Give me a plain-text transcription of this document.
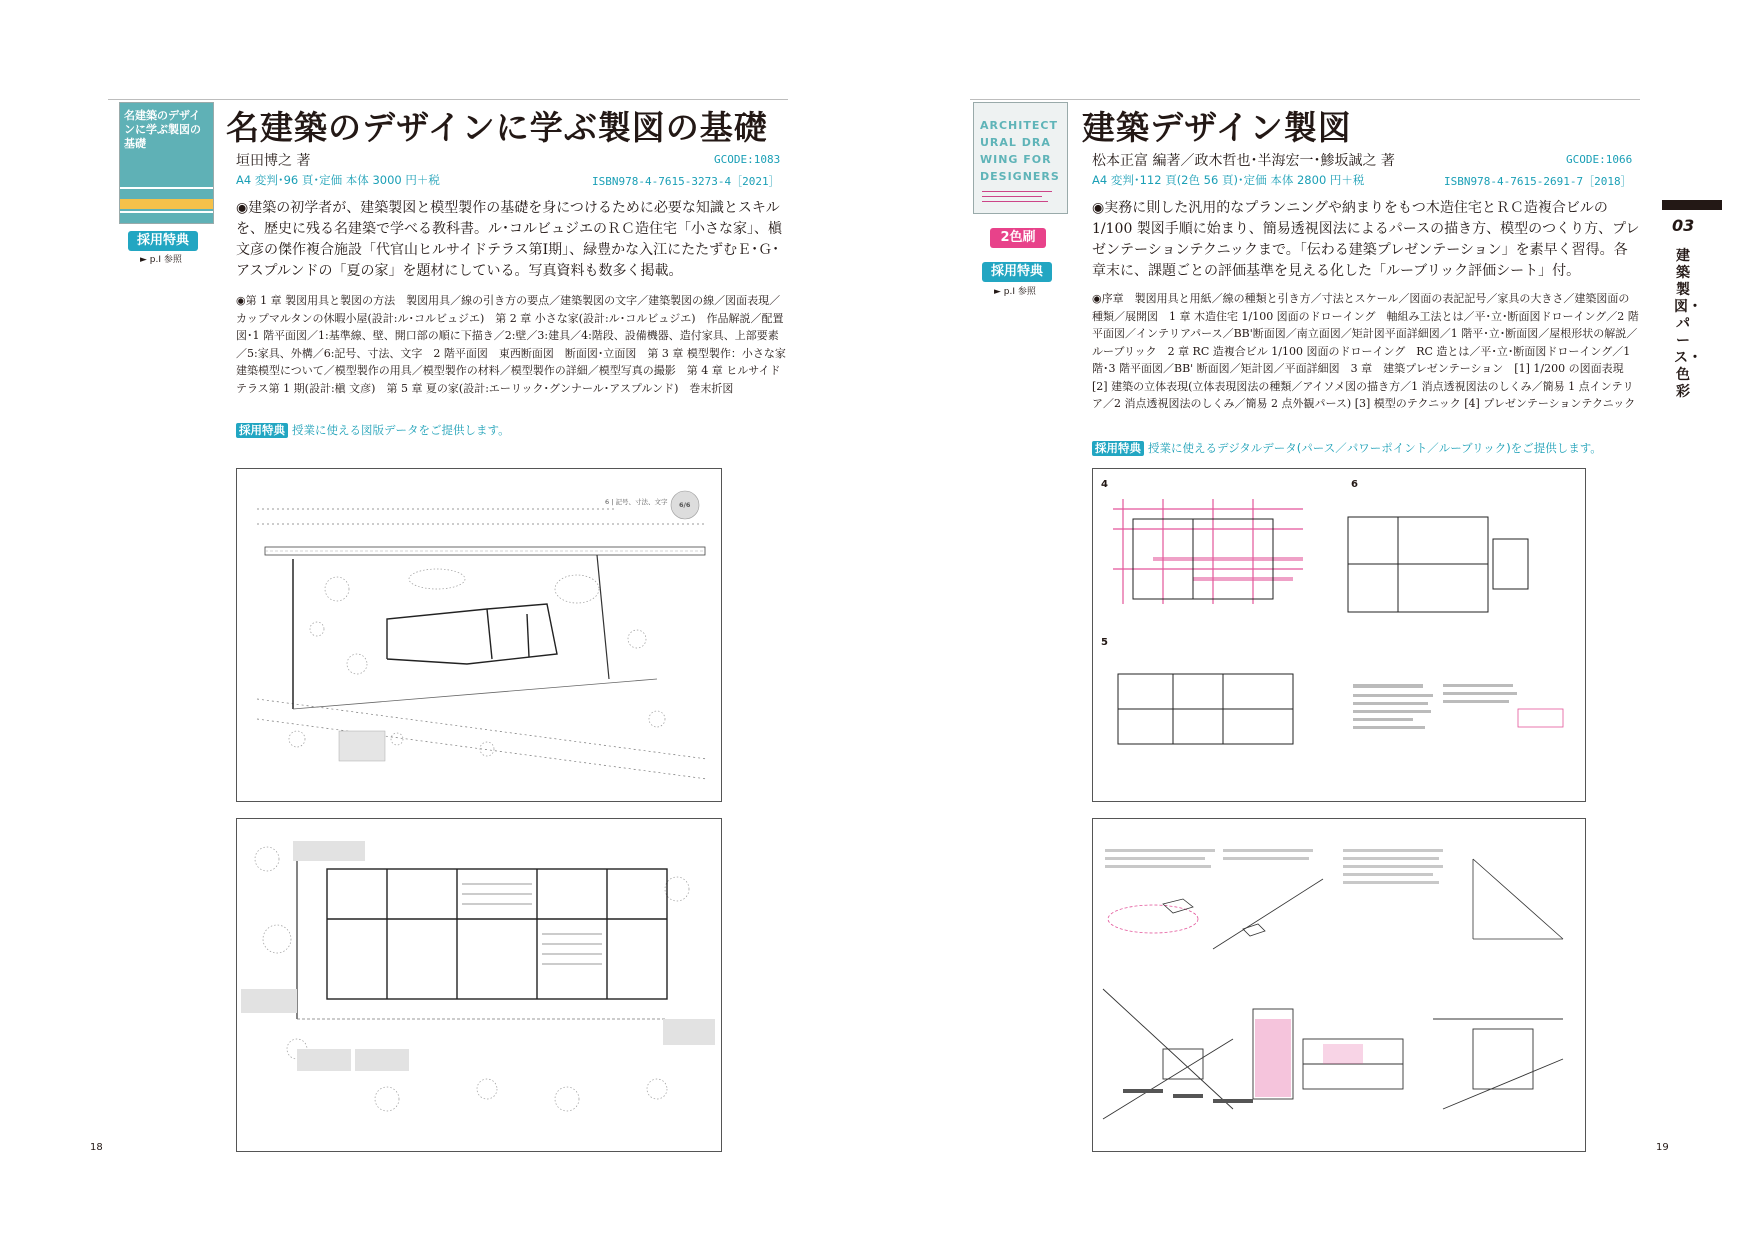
名建築のデザインに学ぶ製図の基礎	名建築のデザインに学ぶ製図の基礎
垣田博之 著	GCODE:1083
A4 変判･96 頁･定価 本体 3000 円＋税	ISBN978-4-7615-3273-4［2021］
採用特典
► p.I 参照
◉建築の初学者が、建築製図と模型製作の基礎を身につけるために必要な知識とスキルを、歴史に残る名建築で学べる教科書。ル･コルビュジエのＲＣ造住宅「小さな家」、槇文彦の傑作複合施設「代官山ヒルサイドテラス第Ⅰ期」、緑豊かな入江にたたずむＥ･Ｇ･アスプルンドの「夏の家」を題材にしている。写真資料も数多く掲載。
◉第 1 章 製図用具と製図の方法　製図用具／線の引き方の要点／建築製図の文字／建築製図の線／図面表現／カップマルタンの休暇小屋(設計:ル･コルビュジエ)　第 2 章 小さな家(設計:ル･コルビュジエ)　作品解説／配置図･1 階平面図／1:基準線、壁、開口部の順に下描き／2:壁／3:建具／4:階段、設備機器、造付家具、上部要素／5:家具、外構／6:記号、寸法、文字　2 階平面図　東西断面図　断面図･立面図　第 3 章 模型製作：小さな家　建築模型について／模型製作の用具／模型製作の材料／模型製作の詳細／模型写真の撮影　第 4 章 ヒルサイドテラス第 1 期(設計:槇 文彦)　第 5 章 夏の家(設計:エーリック･グンナール･アスプルンド)　巻末折図
採用特典 授業に使える図版データをご提供します。
6 | 記号、寸法、文字 6/6
18
ARCHITECTURAL DRAWING FOR DESIGNERS
2色刷
採用特典
► p.I 参照
建築デザイン製図
松本正富 編著／政木哲也･半海宏一･鯵坂誠之 著	GCODE:1066
A4 変判･112 頁(2色 56 頁)･定価 本体 2800 円＋税	ISBN978-4-7615-2691-7［2018］
◉実務に則した汎用的なプランニングや納まりをもつ木造住宅とＲＣ造複合ビルの 1/100 製図手順に始まり、簡易透視図法によるパースの描き方、模型のつくり方、プレゼンテーションテクニックまで。「伝わる建築プレゼンテーション」を素早く習得。各章末に、課題ごとの評価基準を見える化した「ルーブリック評価シート」付。
◉序章　製図用具と用紙／線の種類と引き方／寸法とスケール／図面の表記記号／家具の大きさ／建築図面の種類／展開図　1 章 木造住宅 1/100 図面のドローイング　軸組み工法とは／平･立･断面図ドローイング／2 階平面図／インテリアパース／BB'断面図／南立面図／矩計図平面詳細図／1 階平･立･断面図／屋根形状の解説／ルーブリック　2 章 RC 造複合ビル 1/100 図面のドローイング　RC 造とは／平･立･断面図ドローイング／1 階･3 階平面図／BB' 断面図／矩計図／平面詳細図　3 章　建築プレゼンテーション　[1] 1/200 の図面表現 [2] 建築の立体表現(立体表現図法の種類／アイソメ図の描き方／1 消点透視図法のしくみ／簡易 1 点インテリア／2 消点透視図法のしくみ／簡易 2 点外観パース) [3] 模型のテクニック [4] プレゼンテーションテクニック
採用特典 授業に使えるデジタルデータ(パース／パワーポイント／ルーブリック)をご提供します。
4	6
5
19
03
建築製図・パース・色彩
